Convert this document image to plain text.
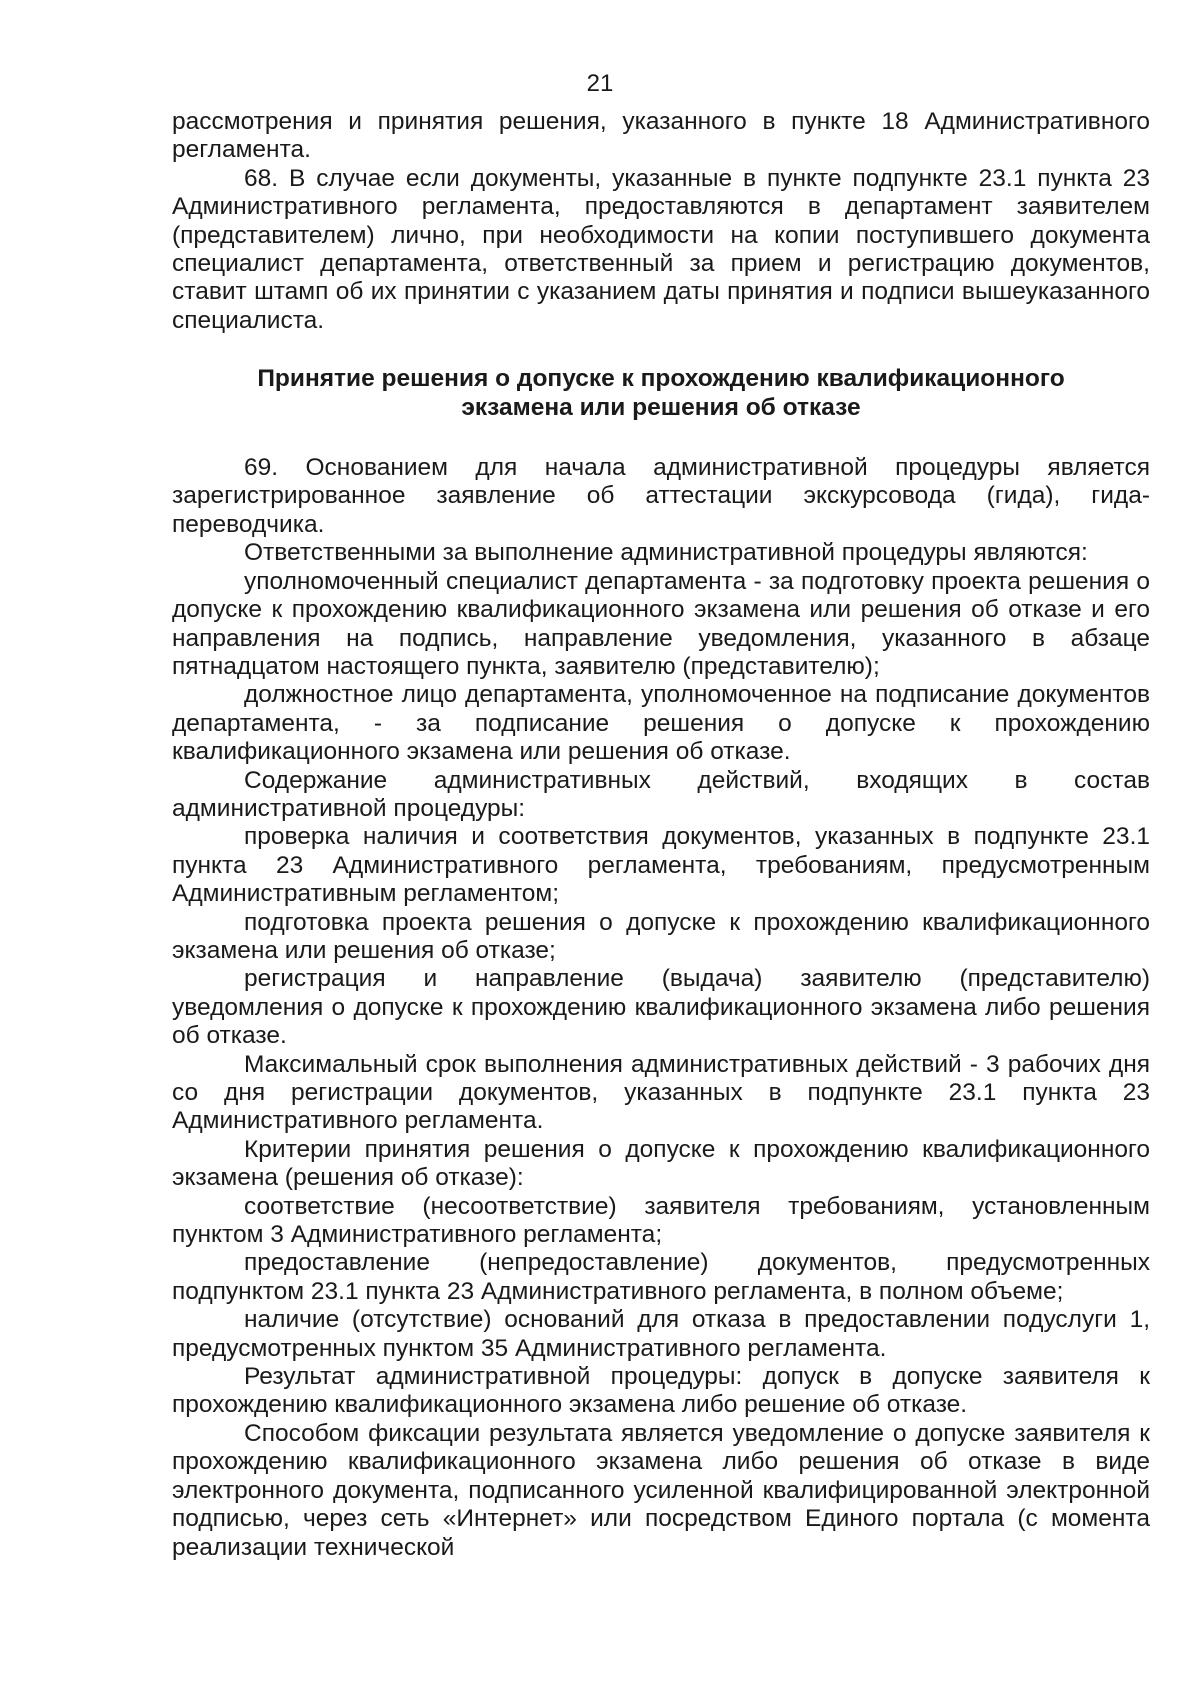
21

рассмотрения и принятия решения, указанного в пункте 18 Административного регламента.

68. В случае если документы, указанные в пункте подпункте 23.1 пункта 23 Административного регламента, предоставляются в департамент заявителем (представителем) лично, при необходимости на копии поступившего документа специалист департамента, ответственный за прием и регистрацию документов, ставит штамп об их принятии с указанием даты принятия и подписи вышеуказанного специалиста.

Принятие решения о допуске к прохождению квалификационного
экзамена или решения об отказе

69. Основанием для начала административной процедуры является зарегистрированное заявление об аттестации экскурсовода (гида), гида-переводчика.

Ответственными за выполнение административной процедуры являются:

уполномоченный специалист департамента - за подготовку проекта решения о допуске к прохождению квалификационного экзамена или решения об отказе и его направления на подпись, направление уведомления, указанного в абзаце пятнадцатом настоящего пункта, заявителю (представителю);

должностное лицо департамента, уполномоченное на подписание документов департамента, - за подписание решения о допуске к прохождению квалификационного экзамена или решения об отказе.

Содержание административных действий, входящих в состав административной процедуры:

проверка наличия и соответствия документов, указанных в подпункте 23.1 пункта 23 Административного регламента, требованиям, предусмотренным Административным регламентом;

подготовка проекта решения о допуске к прохождению квалификационного экзамена или решения об отказе;

регистрация и направление (выдача) заявителю (представителю) уведомления о допуске к прохождению квалификационного экзамена либо решения об отказе.

Максимальный срок выполнения административных действий - 3 рабочих дня со дня регистрации документов, указанных в подпункте 23.1 пункта 23 Административного регламента.

Критерии принятия решения о допуске к прохождению квалификационного экзамена (решения об отказе):

соответствие (несоответствие) заявителя требованиям, установленным пунктом 3 Административного регламента;

предоставление (непредоставление) документов, предусмотренных подпунктом 23.1 пункта 23 Административного регламента, в полном объеме;

наличие (отсутствие) оснований для отказа в предоставлении подуслуги 1, предусмотренных пунктом 35 Административного регламента.

Результат административной процедуры: допуск в допуске заявителя к прохождению квалификационного экзамена либо решение об отказе.

Способом фиксации результата является уведомление о допуске заявителя к прохождению квалификационного экзамена либо решения об отказе в виде электронного документа, подписанного усиленной квалифицированной электронной подписью, через сеть «Интернет» или посредством Единого портала (с момента реализации технической
